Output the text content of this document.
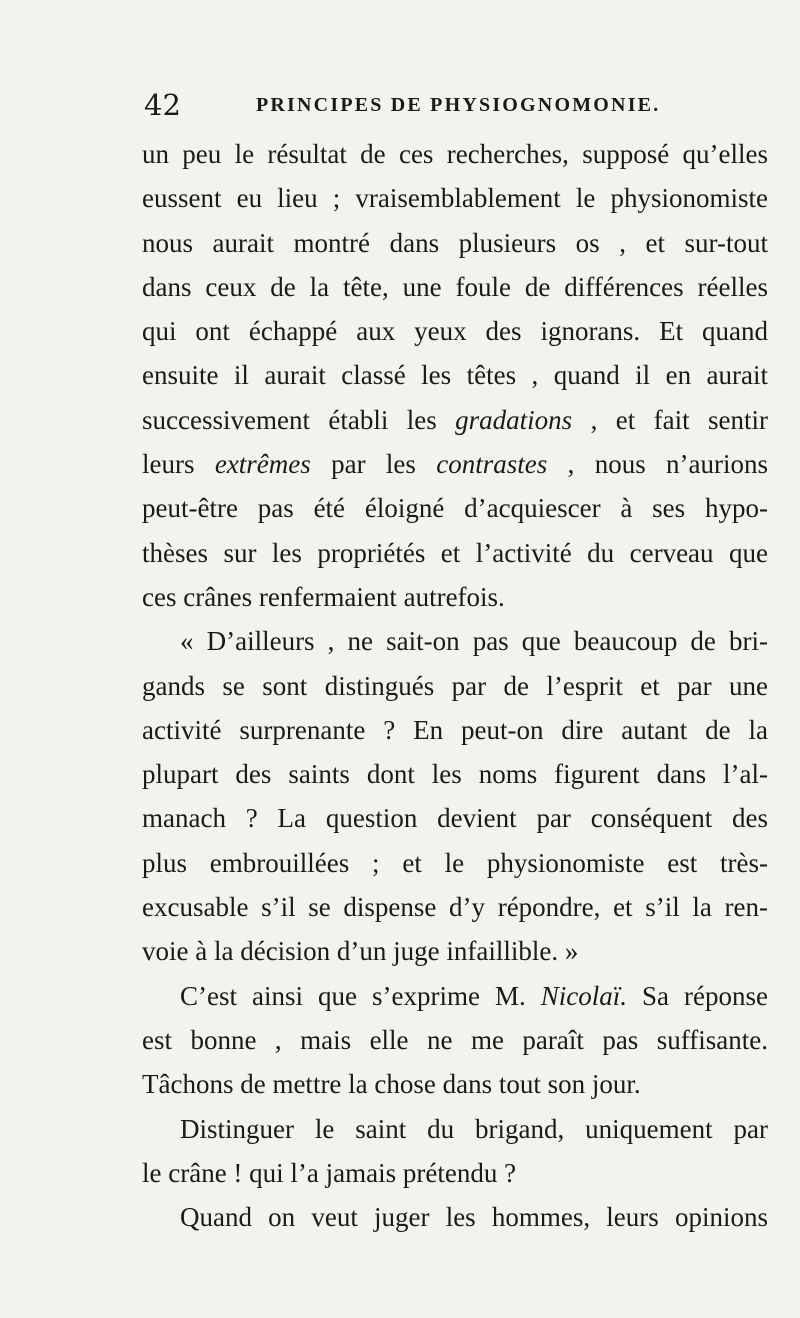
42	PRINCIPES DE PHYSIOGNOMONIE.
un peu le résultat de ces recherches, supposé qu’elles
eussent eu lieu ; vraisemblablement le physionomiste
nous aurait montré dans plusieurs os , et sur-tout
dans ceux de la tête, une foule de différences réelles
qui ont échappé aux yeux des ignorans. Et quand
ensuite il aurait classé les têtes , quand il en aurait
successivement établi les gradations , et fait sentir
leurs extrêmes par les contrastes , nous n’aurions
peut-être pas été éloigné d’acquiescer à ses hypo-
thèses sur les propriétés et l’activité du cerveau que
ces crânes renfermaient autrefois.
« D’ailleurs , ne sait-on pas que beaucoup de bri-
gands se sont distingués par de l’esprit et par une
activité surprenante ? En peut-on dire autant de la
plupart des saints dont les noms figurent dans l’al-
manach ? La question devient par conséquent des
plus embrouillées ; et le physionomiste est très-
excusable s’il se dispense d’y répondre, et s’il la ren-
voie à la décision d’un juge infaillible. »
C’est ainsi que s’exprime M. Nicolaï. Sa réponse
est bonne , mais elle ne me paraît pas suffisante.
Tâchons de mettre la chose dans tout son jour.
Distinguer le saint du brigand, uniquement par
le crâne ! qui l’a jamais prétendu ?
Quand on veut juger les hommes, leurs opinions
